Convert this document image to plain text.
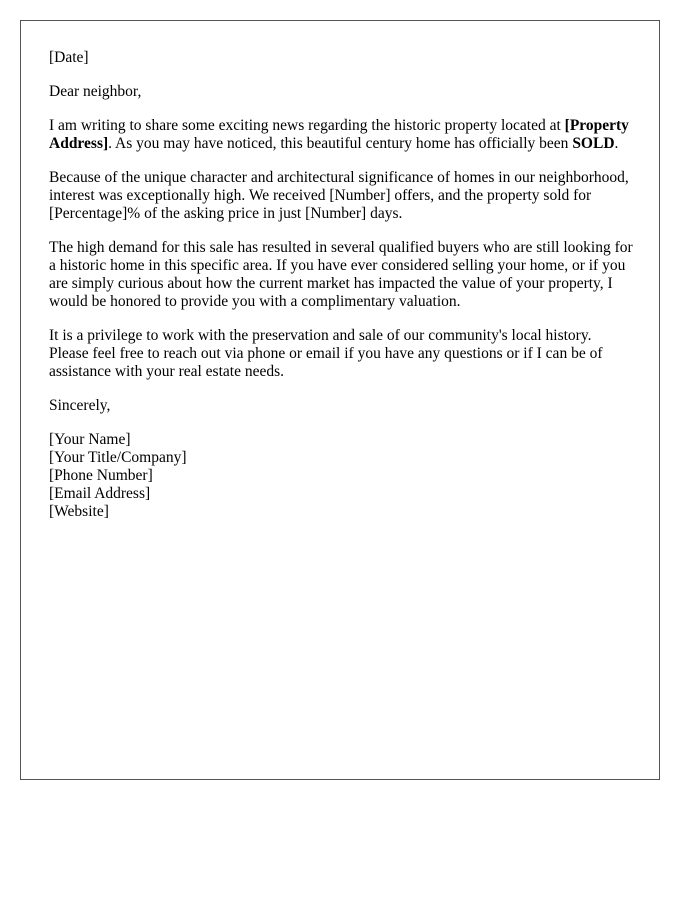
[Date]

Dear neighbor,

I am writing to share some exciting news regarding the historic property located at [Property Address]. As you may have noticed, this beautiful century home has officially been SOLD.

Because of the unique character and architectural significance of homes in our neighborhood, interest was exceptionally high. We received [Number] offers, and the property sold for [Percentage]% of the asking price in just [Number] days.

The high demand for this sale has resulted in several qualified buyers who are still looking for a historic home in this specific area. If you have ever considered selling your home, or if you are simply curious about how the current market has impacted the value of your property, I would be honored to provide you with a complimentary valuation.

It is a privilege to work with the preservation and sale of our community's local history. Please feel free to reach out via phone or email if you have any questions or if I can be of assistance with your real estate needs.

Sincerely,

[Your Name]
[Your Title/Company]
[Phone Number]
[Email Address]
[Website]
